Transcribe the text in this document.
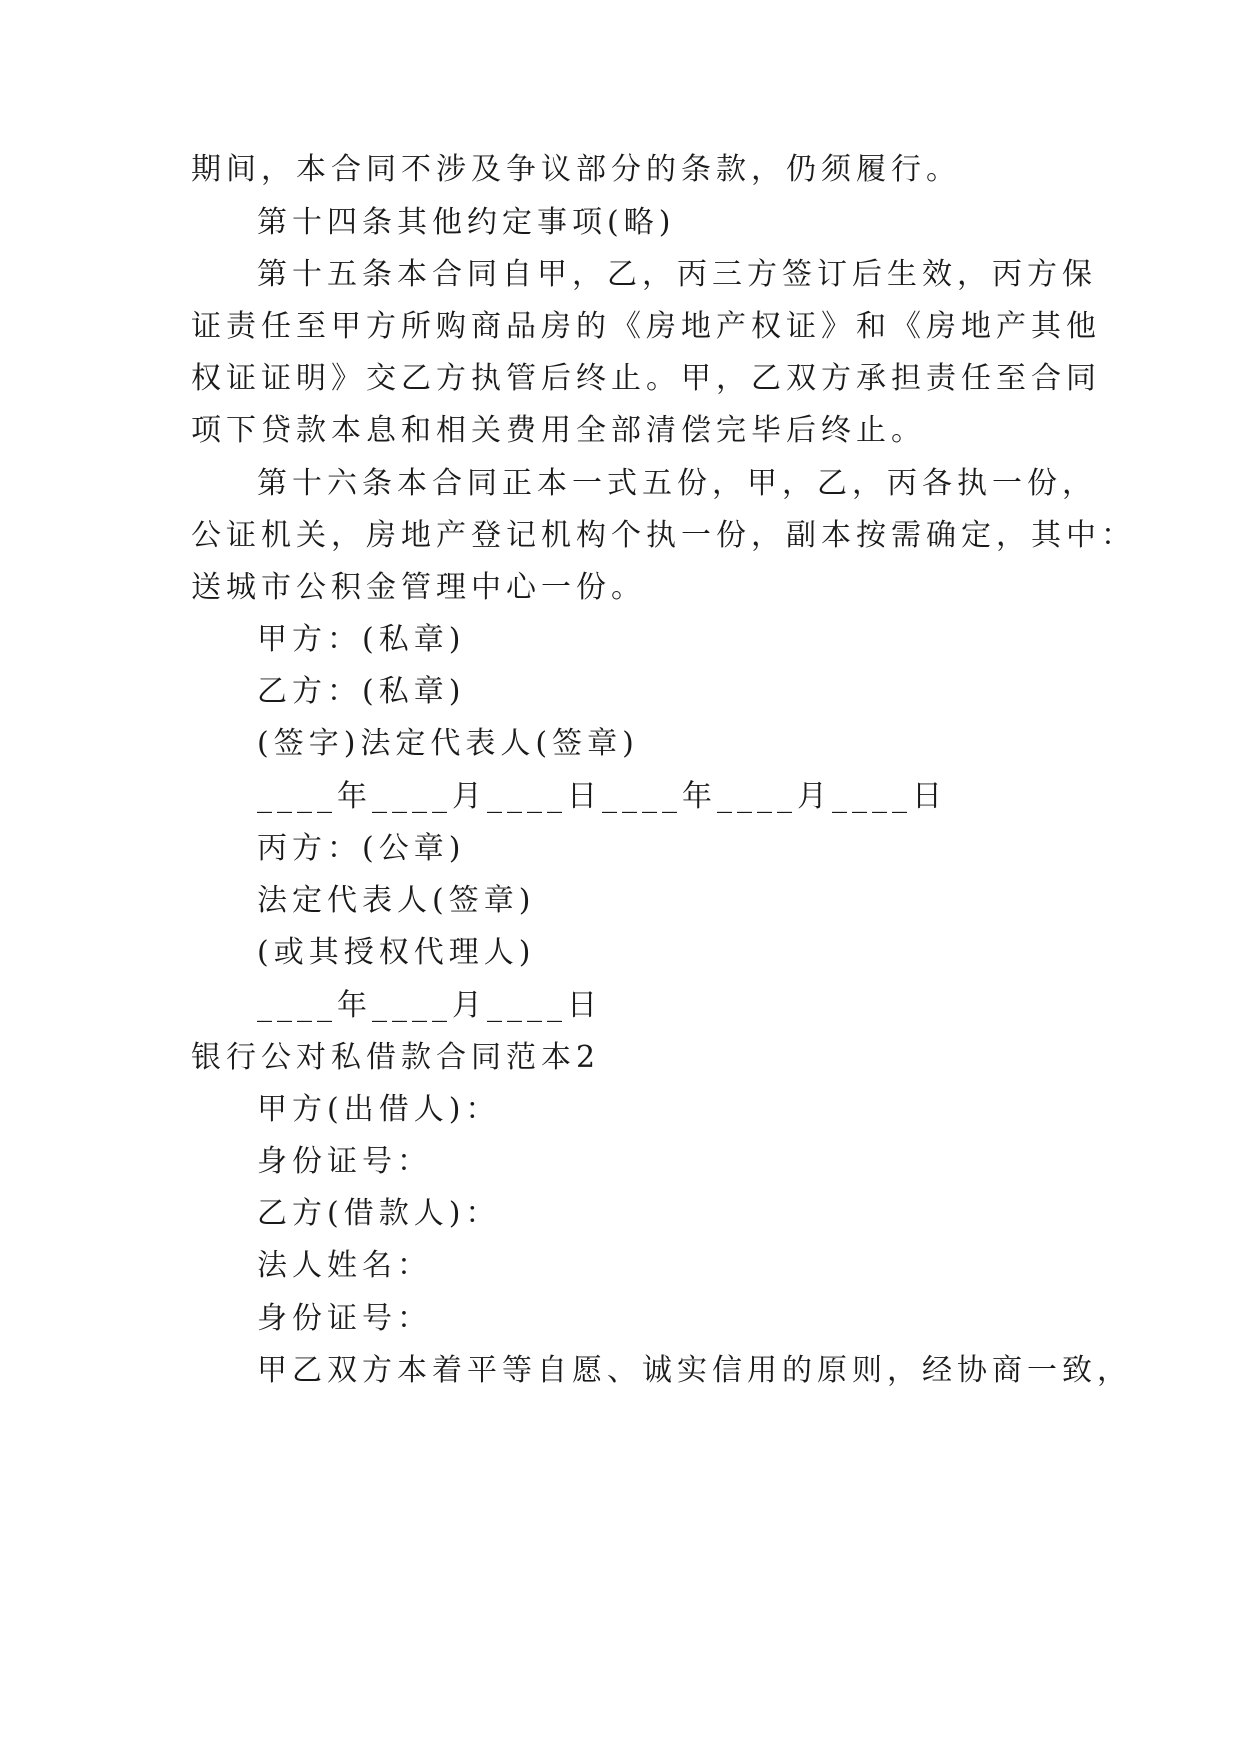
期间，本合同不涉及争议部分的条款，仍须履行。
第十四条其他约定事项(略)
第十五条本合同自甲，乙，丙三方签订后生效，丙方保
证责任至甲方所购商品房的《房地产权证》和《房地产其他
权证证明》交乙方执管后终止。甲，乙双方承担责任至合同
项下贷款本息和相关费用全部清偿完毕后终止。
第十六条本合同正本一式五份，甲，乙，丙各执一份，
公证机关，房地产登记机构个执一份，副本按需确定，其中：
送城市公积金管理中心一份。
甲方：(私章)
乙方：(私章)
(签字)法定代表人(签章)
____年____月____日____年____月____日
丙方：(公章)
法定代表人(签章)
(或其授权代理人)
____年____月____日
银行公对私借款合同范本2
甲方(出借人)：
身份证号：
乙方(借款人)：
法人姓名：
身份证号：
甲乙双方本着平等自愿、诚实信用的原则，经协商一致，
